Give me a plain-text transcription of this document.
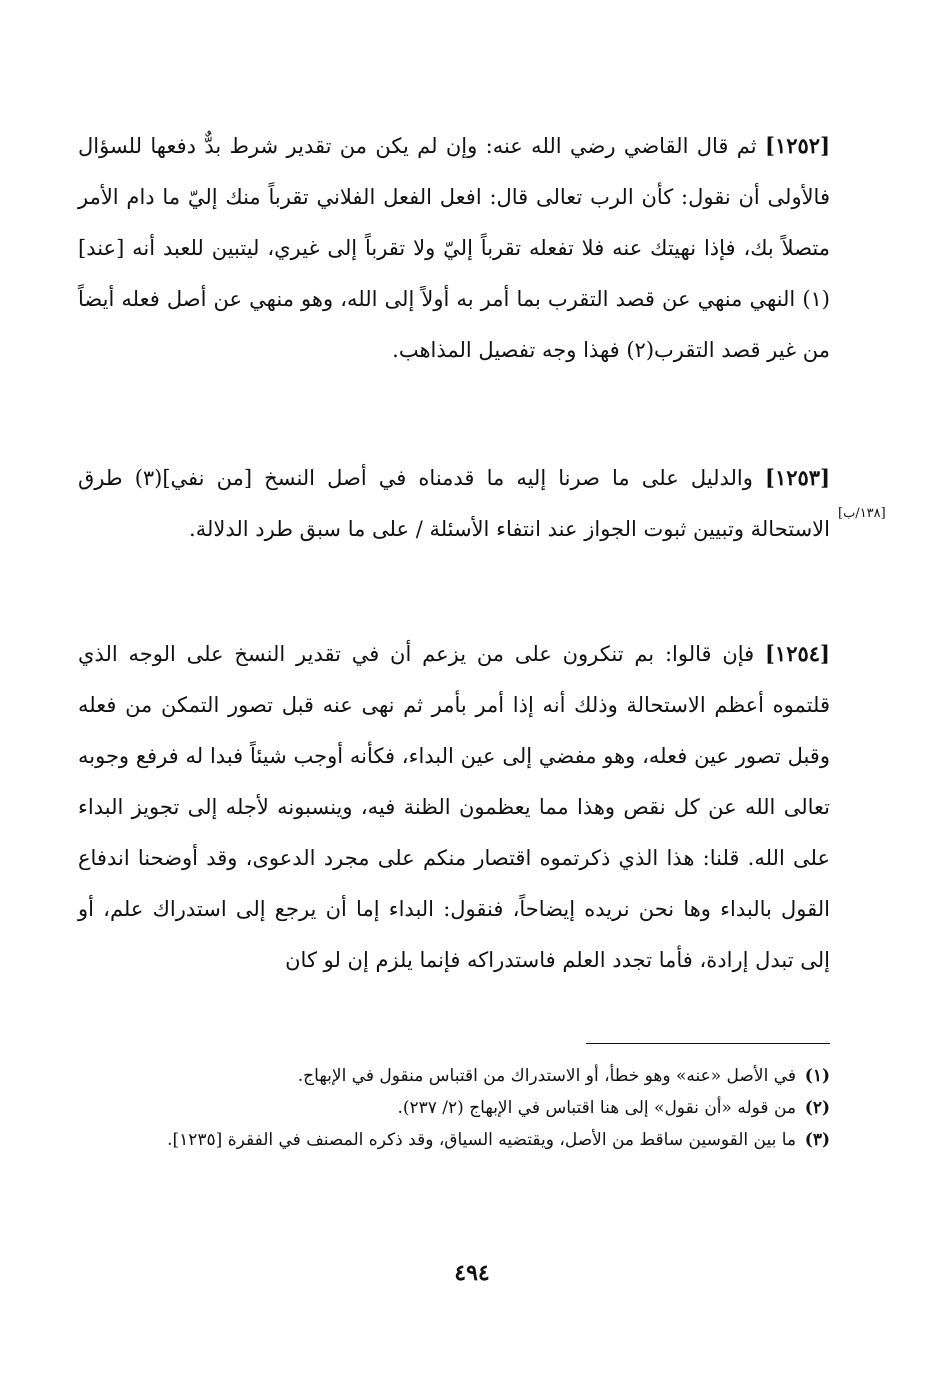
[١٢٥٢] ثم قال القاضي رضي الله عنه: وإن لم يكن من تقدير شرط بدٌّ دفعها للسؤال فالأولى أن نقول: كأن الرب تعالى قال: افعل الفعل الفلاني تقرباً منك إليّ ما دام الأمر متصلاً بك، فإذا نهيتك عنه فلا تفعله تقرباً إليّ ولا تقرباً إلى غيري، ليتبين للعبد أنه [عند](١) النهي منهي عن قصد التقرب بما أمر به أولاً إلى الله، وهو منهي عن أصل فعله أيضاً من غير قصد التقرب(٢) فهذا وجه تفصيل المذاهب.

[١٢٥٣] والدليل على ما صرنا إليه ما قدمناه في أصل النسخ [من نفي](٣) طرق الاستحالة وتبيين ثبوت الجواز عند انتفاء الأسئلة / على ما سبق طرد الدلالة.

[١٣٨/ب]

[١٢٥٤] فإن قالوا: بم تنكرون على من يزعم أن في تقدير النسخ على الوجه الذي قلتموه أعظم الاستحالة وذلك أنه إذا أمر بأمر ثم نهى عنه قبل تصور التمكن من فعله وقبل تصور عين فعله، وهو مفضي إلى عين البداء، فكأنه أوجب شيئاً فبدا له فرفع وجوبه تعالى الله عن كل نقص وهذا مما يعظمون الظنة فيه، وينسبونه لأجله إلى تجويز البداء على الله. قلنا: هذا الذي ذكرتموه اقتصار منكم على مجرد الدعوى، وقد أوضحنا اندفاع القول بالبداء وها نحن نريده إيضاحاً، فنقول: البداء إما أن يرجع إلى استدراك علم، أو إلى تبدل إرادة، فأما تجدد العلم فاستدراكه فإنما يلزم إن لو كان

(١)
في الأصل «عنه» وهو خطأ، أو الاستدراك من اقتباس منقول في الإبهاج.
(٢)
من قوله «أن نقول» إلى هنا اقتباس في الإبهاج (٢/ ٢٣٧).
(٣)
ما بين القوسين ساقط من الأصل، ويقتضيه السياق، وقد ذكره المصنف في الفقرة [١٢٣٥].
٤٩٤
